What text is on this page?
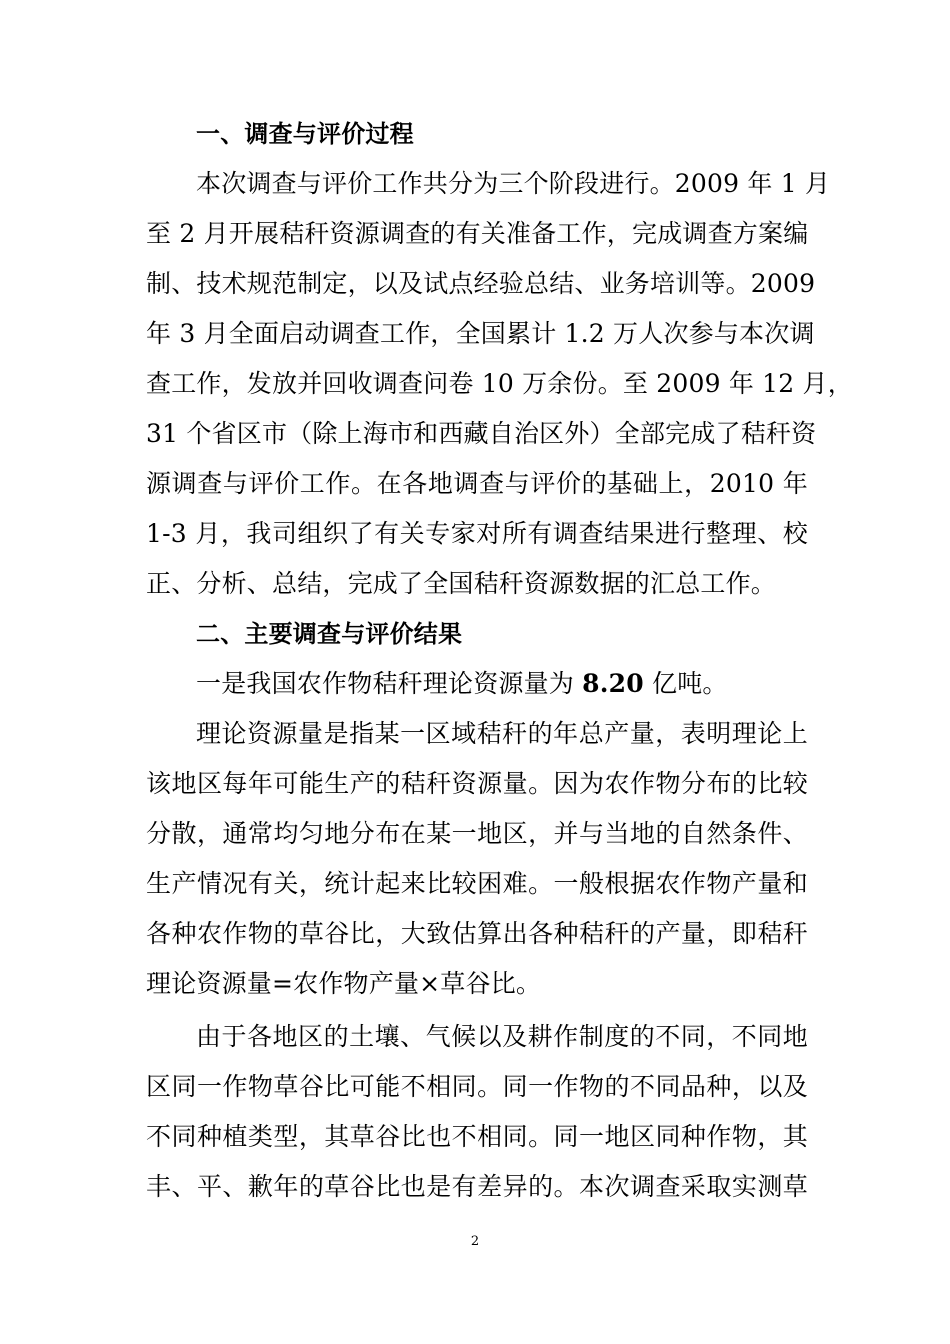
一、调查与评价过程
本次调查与评价工作共分为三个阶段进行。2009 年 1 月
至 2 月开展秸秆资源调查的有关准备工作，完成调查方案编
制、技术规范制定，以及试点经验总结、业务培训等。2009
年 3 月全面启动调查工作，全国累计 1.2 万人次参与本次调
查工作，发放并回收调查问卷 10 万余份。至 2009 年 12 月，
31 个省区市（除上海市和西藏自治区外）全部完成了秸秆资
源调查与评价工作。在各地调查与评价的基础上，2010 年
1-3 月，我司组织了有关专家对所有调查结果进行整理、校
正、分析、总结，完成了全国秸秆资源数据的汇总工作。
二、主要调查与评价结果
一是我国农作物秸秆理论资源量为 8.20 亿吨。
理论资源量是指某一区域秸秆的年总产量，表明理论上
该地区每年可能生产的秸秆资源量。因为农作物分布的比较
分散，通常均匀地分布在某一地区，并与当地的自然条件、
生产情况有关，统计起来比较困难。一般根据农作物产量和
各种农作物的草谷比，大致估算出各种秸秆的产量，即秸秆
理论资源量=农作物产量×草谷比。
由于各地区的土壤、气候以及耕作制度的不同，不同地
区同一作物草谷比可能不相同。同一作物的不同品种，以及
不同种植类型，其草谷比也不相同。同一地区同种作物，其
丰、平、歉年的草谷比也是有差异的。本次调查采取实测草
2
